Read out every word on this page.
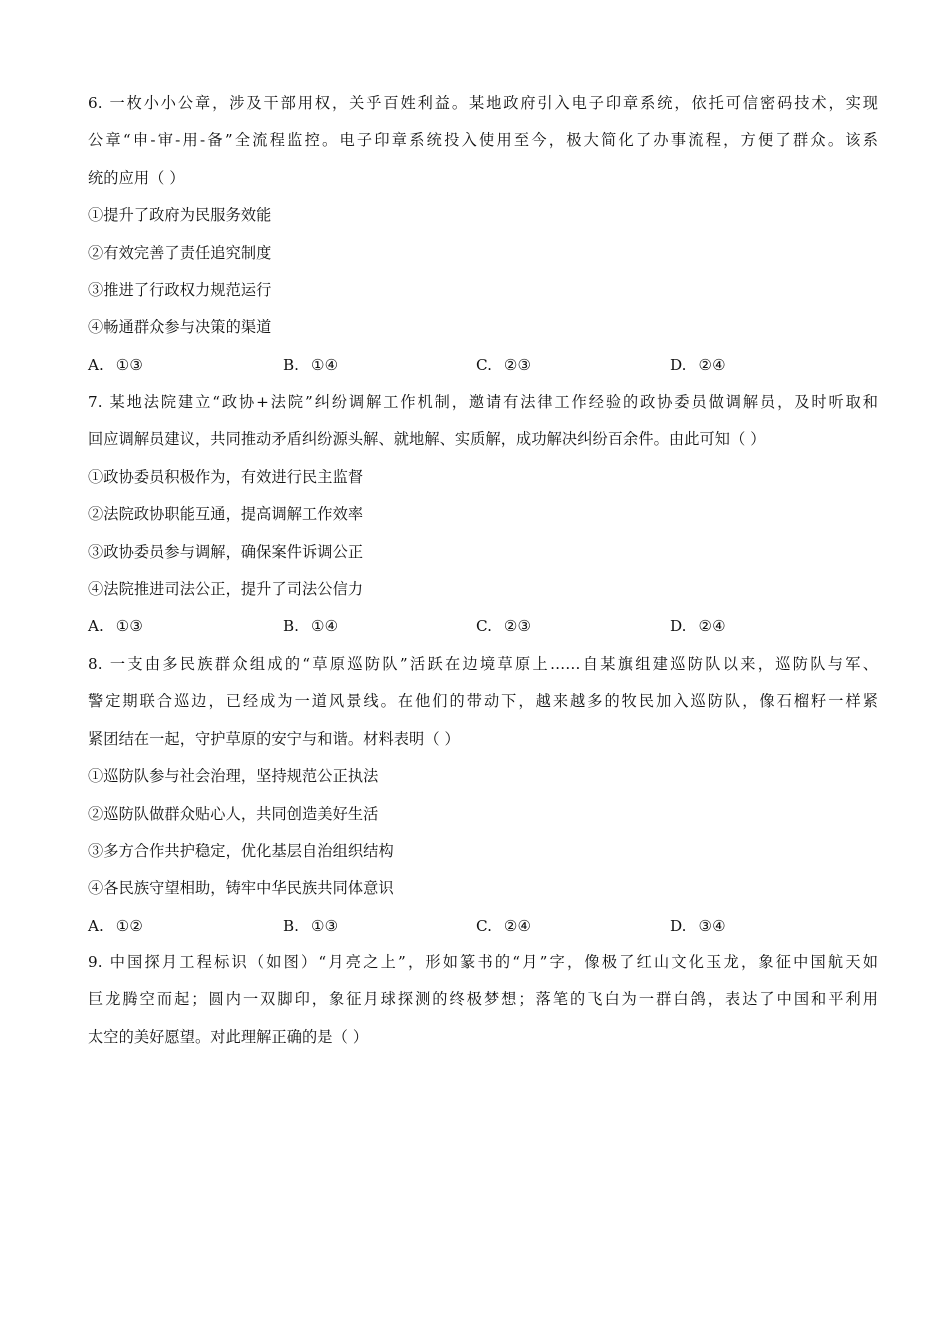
6. 一枚小小公章，涉及干部用权，关乎百姓利益。某地政府引入电子印章系统，依托可信密码技术，实现
公章“申-审-用-备”全流程监控。电子印章系统投入使用至今，极大简化了办事流程，方便了群众。该系
统的应用（ ）
①提升了政府为民服务效能
②有效完善了责任追究制度
③推进了行政权力规范运行
④畅通群众参与决策的渠道
A. ①③	B. ①④	C. ②③	D. ②④
7. 某地法院建立“政协+法院”纠纷调解工作机制，邀请有法律工作经验的政协委员做调解员，及时听取和
回应调解员建议，共同推动矛盾纠纷源头解、就地解、实质解，成功解决纠纷百余件。由此可知（ ）
①政协委员积极作为，有效进行民主监督
②法院政协职能互通，提高调解工作效率
③政协委员参与调解，确保案件诉调公正
④法院推进司法公正，提升了司法公信力
A. ①③	B. ①④	C. ②③	D. ②④
8. 一支由多民族群众组成的“草原巡防队”活跃在边境草原上……自某旗组建巡防队以来，巡防队与军、
警定期联合巡边，已经成为一道风景线。在他们的带动下，越来越多的牧民加入巡防队，像石榴籽一样紧
紧团结在一起，守护草原的安宁与和谐。材料表明（ ）
①巡防队参与社会治理，坚持规范公正执法
②巡防队做群众贴心人，共同创造美好生活
③多方合作共护稳定，优化基层自治组织结构
④各民族守望相助，铸牢中华民族共同体意识
A. ①②	B. ①③	C. ②④	D. ③④
9. 中国探月工程标识（如图）“月亮之上”，形如篆书的“月”字，像极了红山文化玉龙，象征中国航天如
巨龙腾空而起；圆内一双脚印，象征月球探测的终极梦想；落笔的飞白为一群白鸽，表达了中国和平利用
太空的美好愿望。对此理解正确的是（ ）
